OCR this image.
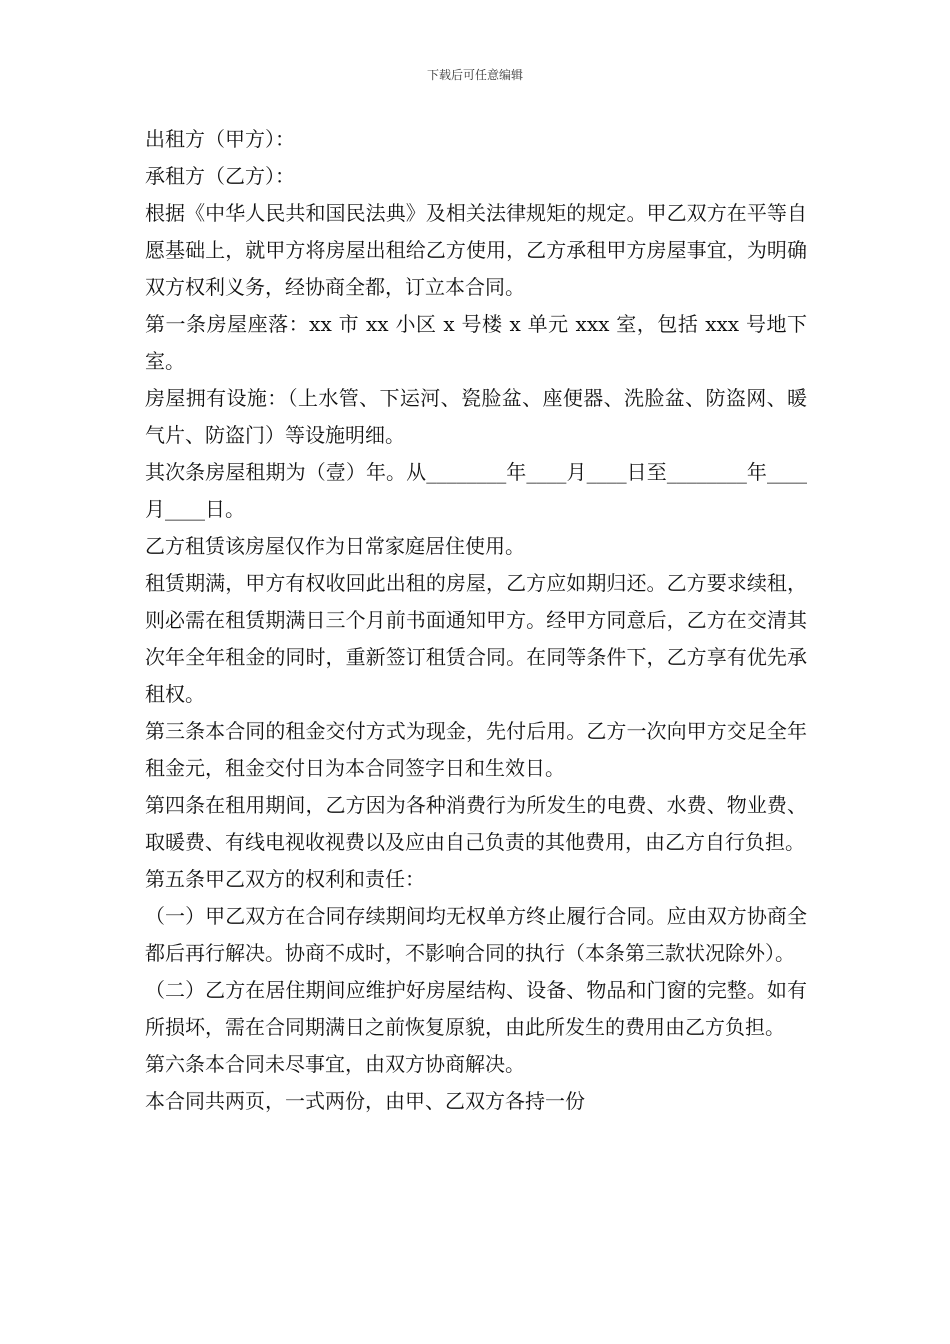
下载后可任意编辑

出租方（甲方）：

承租方（乙方）：

根据《中华人民共和国民法典》及相关法律规矩的规定。甲乙双方在平等自愿基础上，就甲方将房屋出租给乙方使用，乙方承租甲方房屋事宜，为明确双方权利义务，经协商全都，订立本合同。

第一条房屋座落：xx 市 xx 小区 x 号楼 x 单元 xxx 室，包括 xxx 号地下室。

房屋拥有设施：（上水管、下运河、瓷脸盆、座便器、洗脸盆、防盗网、暖气片、防盗门）等设施明细。

其次条房屋租期为（壹）年。从________年____月____日至________年____月____日。

乙方租赁该房屋仅作为日常家庭居住使用。

租赁期满，甲方有权收回此出租的房屋，乙方应如期归还。乙方要求续租，则必需在租赁期满日三个月前书面通知甲方。经甲方同意后，乙方在交清其次年全年租金的同时，重新签订租赁合同。在同等条件下，乙方享有优先承租权。

第三条本合同的租金交付方式为现金，先付后用。乙方一次向甲方交足全年租金元，租金交付日为本合同签字日和生效日。

第四条在租用期间，乙方因为各种消费行为所发生的电费、水费、物业费、取暖费、有线电视收视费以及应由自己负责的其他费用，由乙方自行负担。

第五条甲乙双方的权利和责任：

（一）甲乙双方在合同存续期间均无权单方终止履行合同。应由双方协商全都后再行解决。协商不成时，不影响合同的执行（本条第三款状况除外）。

（二）乙方在居住期间应维护好房屋结构、设备、物品和门窗的完整。如有所损坏，需在合同期满日之前恢复原貌，由此所发生的费用由乙方负担。

第六条本合同未尽事宜，由双方协商解决。

本合同共两页，一式两份，由甲、乙双方各持一份
